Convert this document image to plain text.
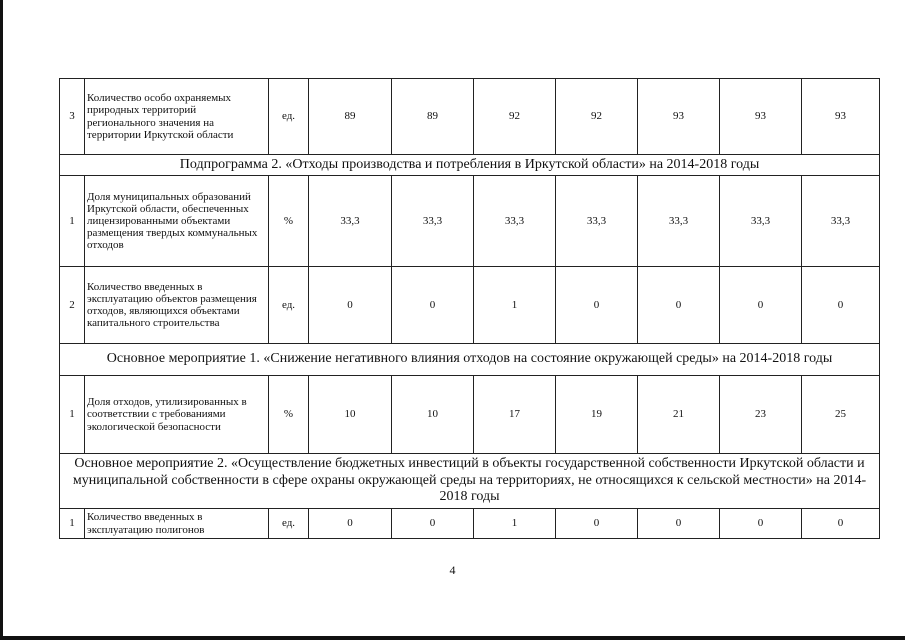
3	Количество особо охраняемых природных территорий регионального значения на территории Иркутской области	ед.	89	89	92	92	93	93	93
Подпрограмма 2. «Отходы производства и потребления в Иркутской области» на 2014-2018 годы									
1	Доля муниципальных образований Иркутской области, обеспеченных лицензированными объектами размещения твердых коммунальных отходов	%	33,3	33,3	33,3	33,3	33,3	33,3	33,3
2	Количество введенных в эксплуатацию объектов размещения отходов, являющихся объектами капитального строительства	ед.	0	0	1	0	0	0	0
Основное мероприятие 1. «Снижение негативного влияния отходов на состояние окружающей среды» на 2014-2018 годы									
1	Доля отходов, утилизированных в соответствии с требованиями экологической безопасности	%	10	10	17	19	21	23	25
Основное мероприятие 2. «Осуществление бюджетных инвестиций в объекты государственной собственности Иркутской области и муниципальной собственности в сфере охраны окружающей среды на территориях, не относящихся к сельской местности» на 2014-2018 годы									
1	Количество введенных в эксплуатацию полигонов	ед.	0	0	1	0	0	0	0
4
